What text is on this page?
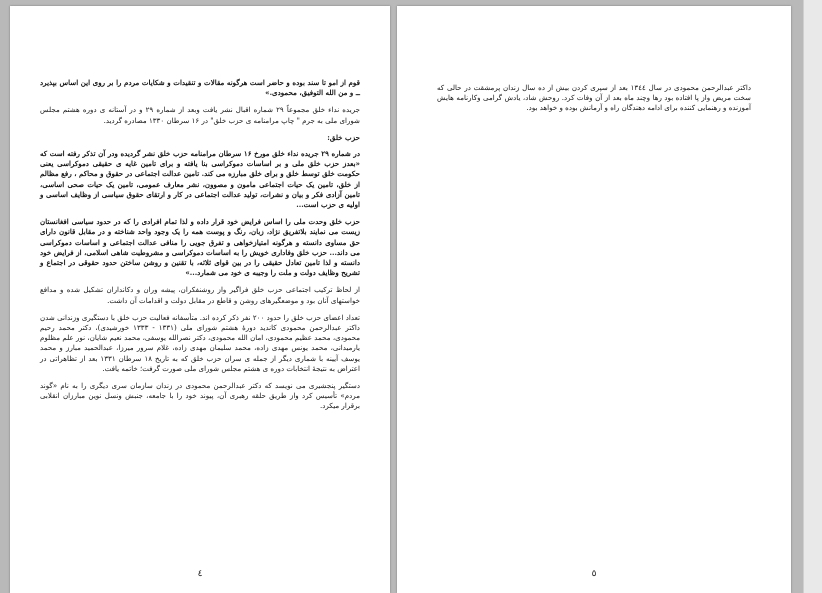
قوم از امو تا سند بوده و حاضر است هرگونه مقالات و تنقیدات و شکایات مردم را بر روی این اساس بپذیرد ــ و من الله التوفیق، محمودی.»

جریده نداء خلق مجموعاً ۲۹ شماره اقبال نشر یافت وبعد از شماره ۲۹ و در آستانه ی دوره هشتم مجلس شورای ملی به جرم " چاپ مرامنامه ی حزب خلق" در ۱۶ سرطان ۱۳۳۰ مصادره گردید.

حزب خلق:

در شماره ۲۹ جریده نداء خلق مورخ ۱۶ سرطان مرامنامه حزب خلق نشر گردیده ودر آن تذکر رفته است که «بعدز حزب خلق ملی و بر اساسات دموکراسی بنا یافته و برای تامین غایه ی حقیقی دموکراسی یعنی حکومت خلق توسط خلق و برای خلق مبارزه می کند. تامین عدالت اجتماعی در حقوق و محاکم ، رفع مظالم از خلق، تامین یک حیات اجتماعی مامون و مصوون، نشر معارف عمومی، تامین یک حیات صحی اساسی، تامین آزادی فکر و بیان و نشرات، تولید عدالت اجتماعی در کار و ارتقای حقوق سیاسی از وظایف اساسی و اولیه ی حزب است...

حزب خلق وحدت ملی را اساس فرایض خود قرار داده و لذا تمام افرادی را که در حدود سیاسی افغانستان زیست می نمایند بلاتفریق نژاد، زبان، رنگ و پوست همه را یک وجود واحد شناخته و در مقابل قانون دارای حق مساوی دانسته و هرگونه امتیازخواهی و تفرق جویی را منافی عدالت اجتماعی و اساسات دموکراسی می داند... حزب خلق وفاداری خویش را به اساسات دموکراسی و مشروطیت شاهی اسلامی، از فرایض خود دانسته و لذا تامین تعادل حقیقی را در بین قوای ثلاثه، با تقنین و روشن ساختن حدود حقوقی در اجتماع و تشریح وظایف دولت و ملت را وجیبه ی خود می شمارد...»

از لحاظ ترکیب اجتماعی حزب خلق فراگیر واز روشنفکران، پیشه وران و دکانداران تشکیل شده و مدافع خواستهای آنان بود و موضعگیرهای روشن و قاطع در مقابل دولت و اقدامات آن داشت.

تعداد اعضای حزب خلق را حدود ۲۰۰ نفر ذکر کرده اند. متأسفانه فعالیت حزب خلق با دستگیری وزندانی شدن داکتر عبدالرحمن محمودی کاندید دورهٔ هشتم شورای ملی (۱۳۳۱ - ۱۳۳۳ خورشیدی)، دکتر محمد رحیم محمودی، محمد عظیم محمودی، امان الله محمودی، دکتر نصرالله یوسفی، محمد نعیم شایان، نور علم مظلوم یارمیدانی، محمد یونس مهدی زاده، محمد سلیمان مهدی زاده، غلام سرور میرزا، عبدالحمید مبارز و محمد یوسف آیینه با شماری دیگر از جمله ی سران حزب خلق که به تاریخ ۱۸ سرطان ۱۳۳۱ بعد از تظاهراتی در اعتراض به نتیجهٔ انتخابات دوره ی هشتم مجلس شورای ملی صورت گرفت؛ خاتمه یافت.

دستگیر پنجشیری می نویسد که دکتر عبدالرحمن محمودی در زندان سازمان سری دیگری را به نام «گوند مردم» تأسیس کرد واز طریق حلقه رهبری آن، پیوند خود را با جامعه، جنبش ونسل نوین مبارزان انقلابی برقرار میکرد.

٤

داکتر عبدالرحمن محمودی در سال ۱۳٤٤ بعد از سپری کردن بیش از ده سال زندان پرمشقت در حالی که سخت مریض واز پا افتاده بود رها وچند ماه بعد از آن وفات کرد. روحش شاد، یادش گرامی وکارنامه هایش آموزنده و رهنمایی کننده برای ادامه دهندگان راه و آرمانش بوده و خواهد بود.

٥
